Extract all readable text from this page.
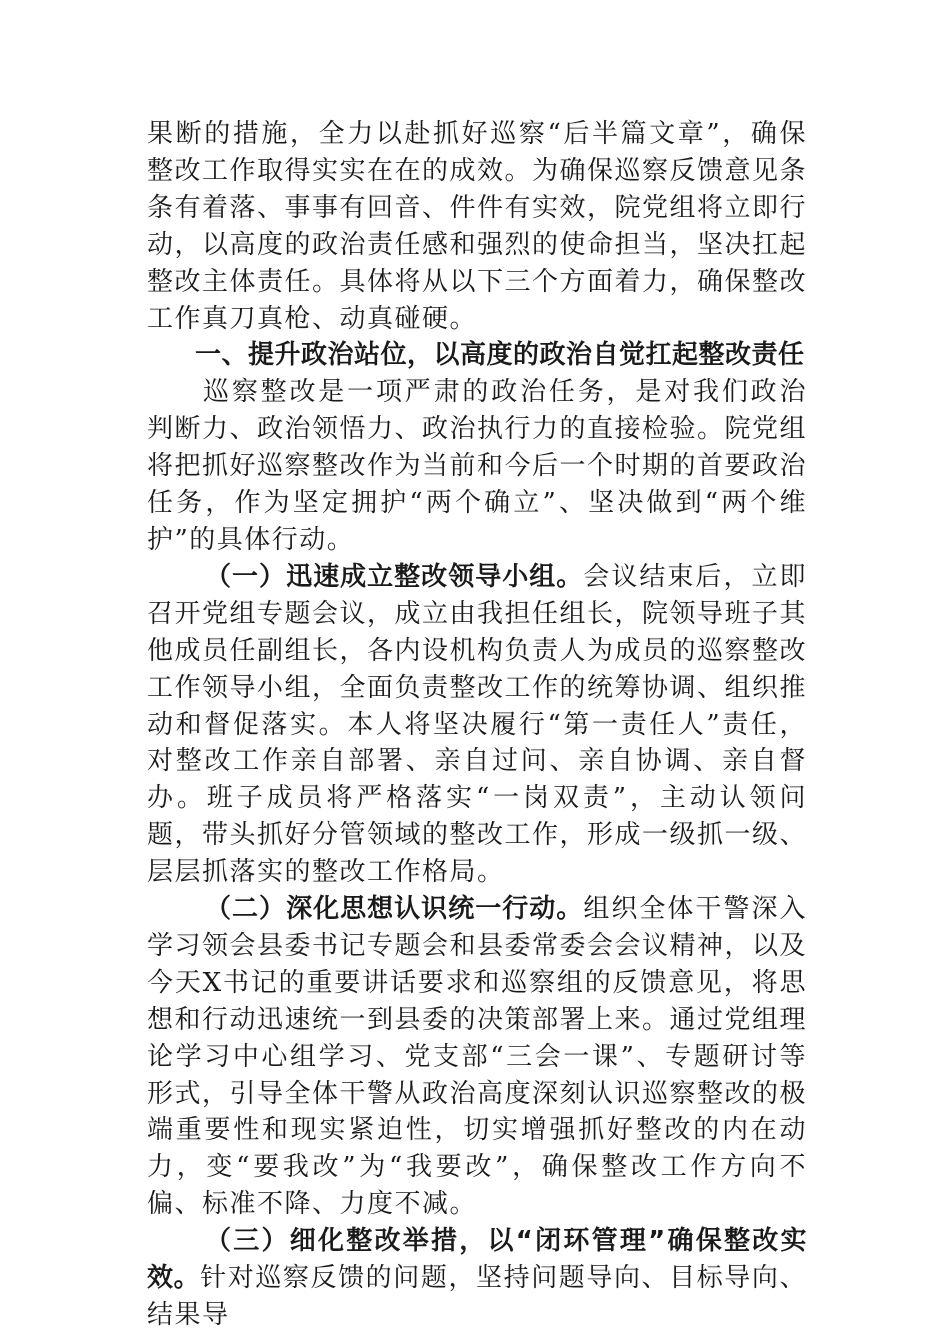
果断的措施，全力以赴抓好巡察“后半篇文章”，确保整改工作取得实实在在的成效。为确保巡察反馈意见条条有着落、事事有回音、件件有实效，院党组将立即行动，以高度的政治责任感和强烈的使命担当，坚决扛起整改主体责任。具体将从以下三个方面着力，确保整改工作真刀真枪、动真碰硬。

一、提升政治站位，以高度的政治自觉扛起整改责任

巡察整改是一项严肃的政治任务，是对我们政治判断力、政治领悟力、政治执行力的直接检验。院党组将把抓好巡察整改作为当前和今后一个时期的首要政治任务，作为坚定拥护“两个确立”、坚决做到“两个维护”的具体行动。

（一）迅速成立整改领导小组。会议结束后，立即召开党组专题会议，成立由我担任组长，院领导班子其他成员任副组长，各内设机构负责人为成员的巡察整改工作领导小组，全面负责整改工作的统筹协调、组织推动和督促落实。本人将坚决履行“第一责任人”责任，对整改工作亲自部署、亲自过问、亲自协调、亲自督办。班子成员将严格落实“一岗双责”，主动认领问题，带头抓好分管领域的整改工作，形成一级抓一级、层层抓落实的整改工作格局。

（二）深化思想认识统一行动。组织全体干警深入学习领会县委书记专题会和县委常委会会议精神，以及今天X书记的重要讲话要求和巡察组的反馈意见，将思想和行动迅速统一到县委的决策部署上来。通过党组理论学习中心组学习、党支部“三会一课”、专题研讨等形式，引导全体干警从政治高度深刻认识巡察整改的极端重要性和现实紧迫性，切实增强抓好整改的内在动力，变“要我改”为“我要改”，确保整改工作方向不偏、标准不降、力度不减。

（三）细化整改举措，以“闭环管理”确保整改实效。针对巡察反馈的问题，坚持问题导向、目标导向、结果导
